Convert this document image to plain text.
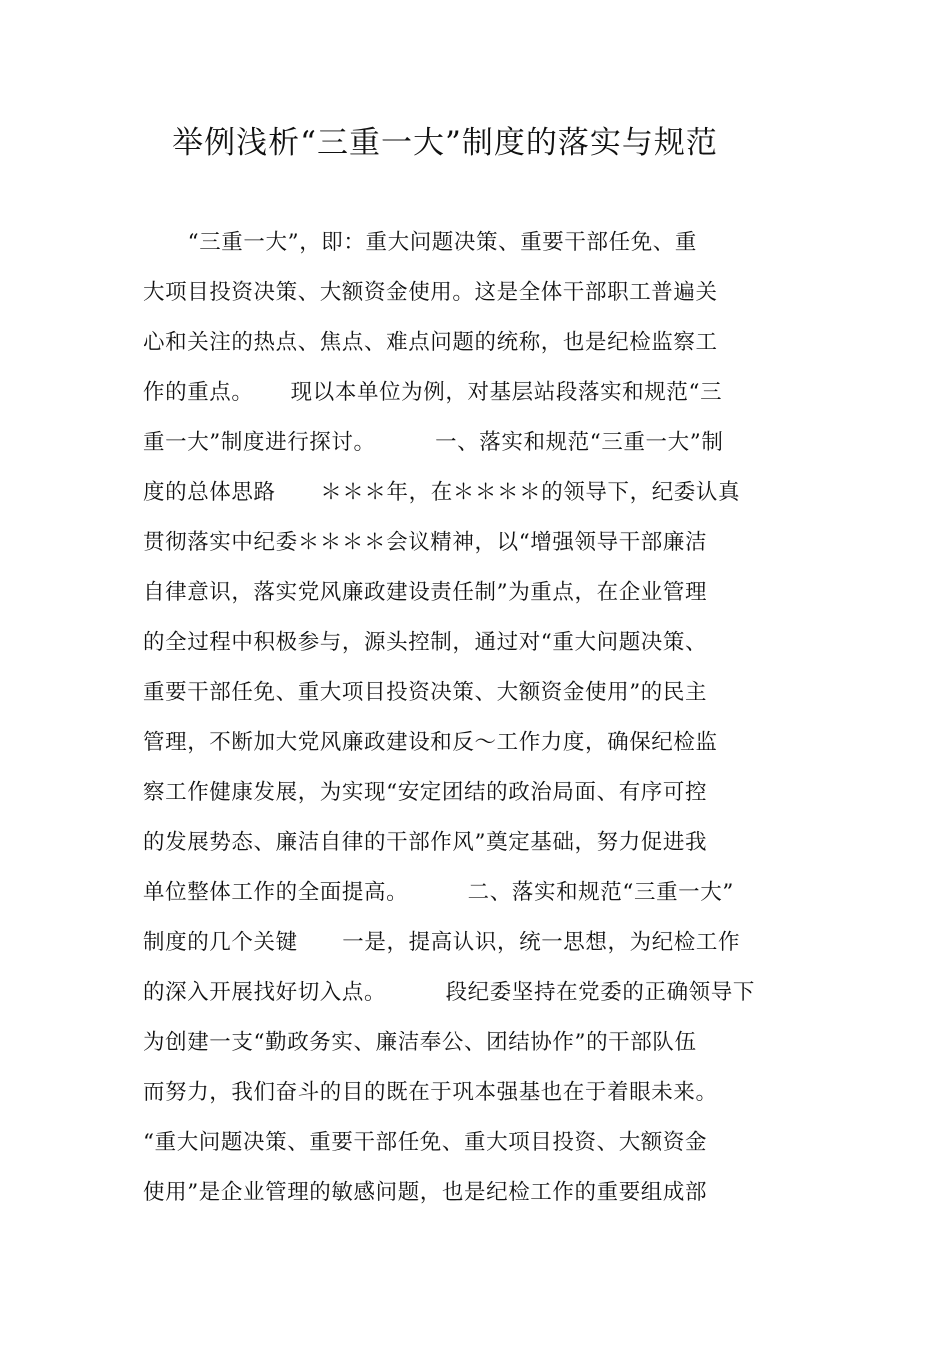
举例浅析“三重一大”制度的落实与规范
“三重一大”，即：重大问题决策、重要干部任免、重
大项目投资决策、大额资金使用。这是全体干部职工普遍关
心和关注的热点、焦点、难点问题的统称，也是纪检监察工
作的重点。     现以本单位为例，对基层站段落实和规范“三
重一大”制度进行探讨。        一、落实和规范“三重一大”制
度的总体思路      ＊＊＊年，在＊＊＊＊的领导下，纪委认真
贯彻落实中纪委＊＊＊＊会议精神，以“增强领导干部廉洁
自律意识，落实党风廉政建设责任制”为重点，在企业管理
的全过程中积极参与，源头控制，通过对“重大问题决策、
重要干部任免、重大项目投资决策、大额资金使用”的民主
管理，不断加大党风廉政建设和反～工作力度，确保纪检监
察工作健康发展，为实现“安定团结的政治局面、有序可控
的发展势态、廉洁自律的干部作风”奠定基础，努力促进我
单位整体工作的全面提高。        二、落实和规范“三重一大”
制度的几个关键      一是，提高认识，统一思想，为纪检工作
的深入开展找好切入点。        段纪委坚持在党委的正确领导下
为创建一支“勤政务实、廉洁奉公、团结协作”的干部队伍
而努力，我们奋斗的目的既在于巩本强基也在于着眼未来。
“重大问题决策、重要干部任免、重大项目投资、大额资金
使用”是企业管理的敏感问题，也是纪检工作的重要组成部
